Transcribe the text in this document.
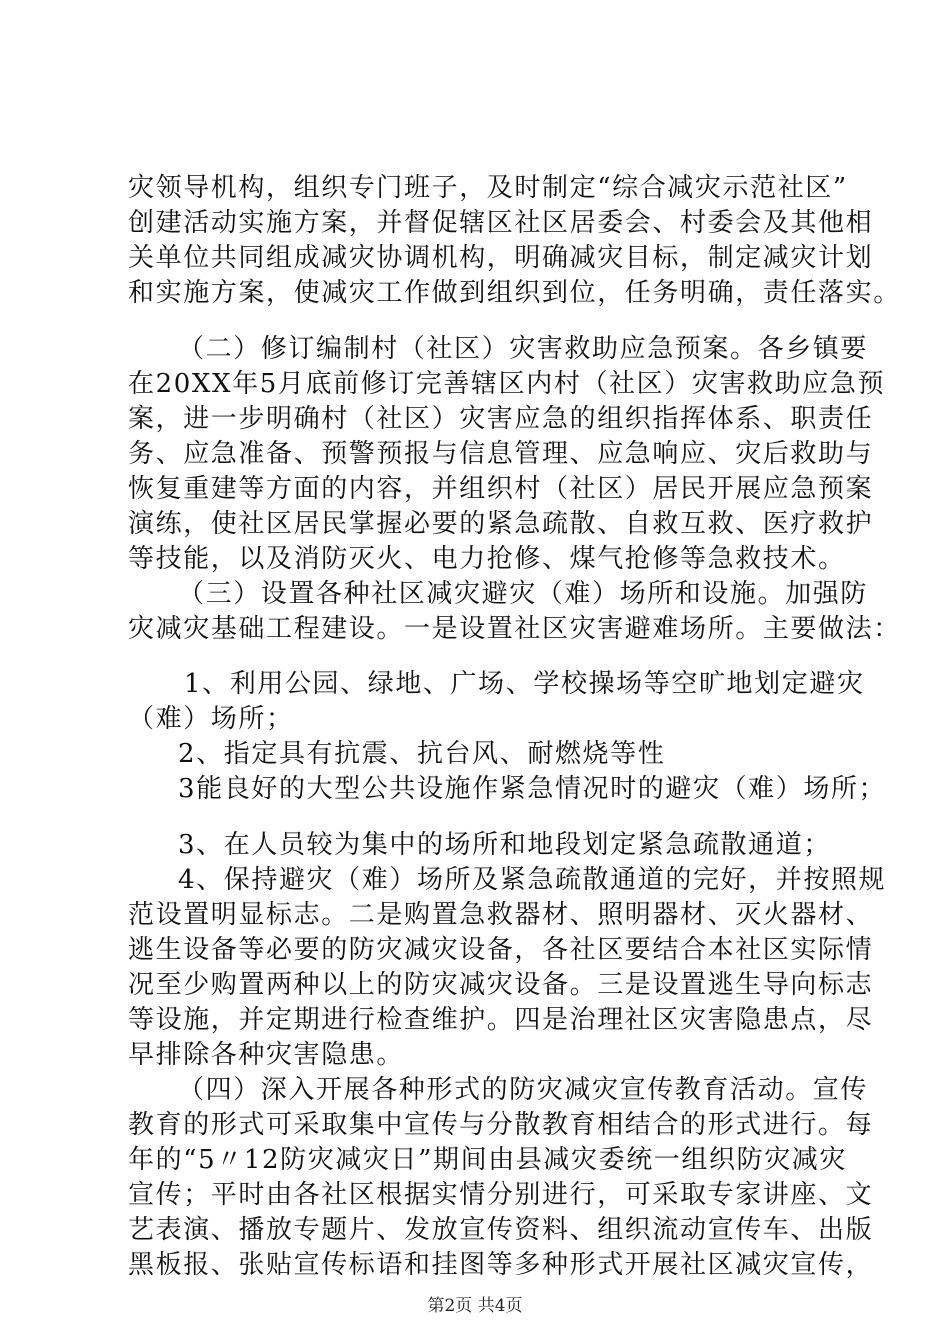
灾领导机构，组织专门班子，及时制定“综合减灾示范社区”
创建活动实施方案，并督促辖区社区居委会、村委会及其他相
关单位共同组成减灾协调机构，明确减灾目标，制定减灾计划
和实施方案，使减灾工作做到组织到位，任务明确，责任落实。
（二）修订编制村（社区）灾害救助应急预案。各乡镇要
在20XX年5月底前修订完善辖区内村（社区）灾害救助应急预
案，进一步明确村（社区）灾害应急的组织指挥体系、职责任
务、应急准备、预警预报与信息管理、应急响应、灾后救助与
恢复重建等方面的内容，并组织村（社区）居民开展应急预案
演练，使社区居民掌握必要的紧急疏散、自救互救、医疗救护
等技能，以及消防灭火、电力抢修、煤气抢修等急救技术。
（三）设置各种社区减灾避灾（难）场所和设施。加强防
灾减灾基础工程建设。一是设置社区灾害避难场所。主要做法：
1、利用公园、绿地、广场、学校操场等空旷地划定避灾
（难）场所；
2、指定具有抗震、抗台风、耐燃烧等性
3能良好的大型公共设施作紧急情况时的避灾（难）场所；
3、在人员较为集中的场所和地段划定紧急疏散通道；
4、保持避灾（难）场所及紧急疏散通道的完好，并按照规
范设置明显标志。二是购置急救器材、照明器材、灭火器材、
逃生设备等必要的防灾减灾设备，各社区要结合本社区实际情
况至少购置两种以上的防灾减灾设备。三是设置逃生导向标志
等设施，并定期进行检查维护。四是治理社区灾害隐患点，尽
早排除各种灾害隐患。
（四）深入开展各种形式的防灾减灾宣传教育活动。宣传
教育的形式可采取集中宣传与分散教育相结合的形式进行。每
年的“5〃12防灾减灾日”期间由县减灾委统一组织防灾减灾
宣传；平时由各社区根据实情分别进行，可采取专家讲座、文
艺表演、播放专题片、发放宣传资料、组织流动宣传车、出版
黑板报、张贴宣传标语和挂图等多种形式开展社区减灾宣传，
第2页 共4页
